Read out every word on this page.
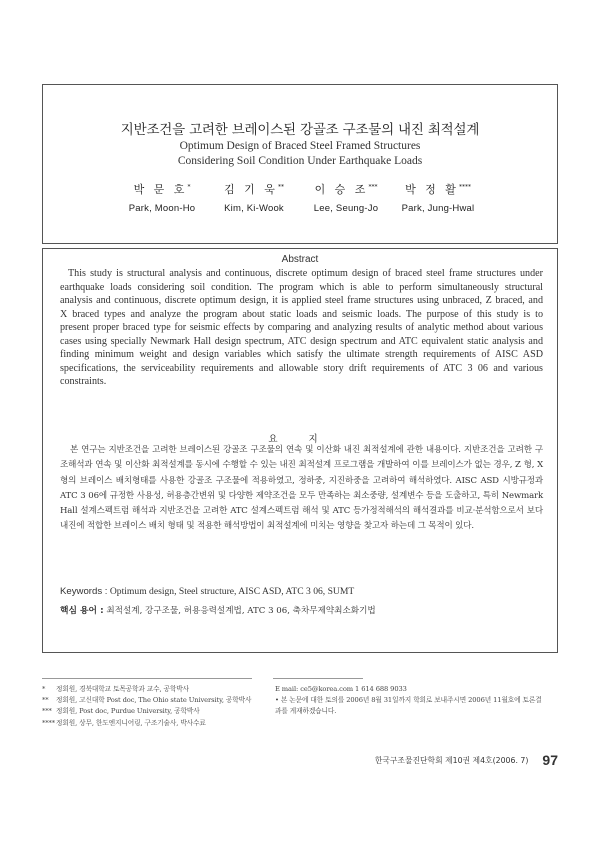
지반조건을 고려한 브레이스된 강골조 구조물의 내진 최적설계
Optimum Design of Braced Steel Framed Structures
Considering Soil Condition Under Earthquake Loads
박 문 호*
Park, Moon-Ho
김 기 욱**
Kim, Ki-Wook
이 승 조***
Lee, Seung-Jo
박 정 활****
Park, Jung-Hwal
Abstract
This study is structural analysis and continuous, discrete optimum design of braced steel frame structures under earthquake loads considering soil condition. The program which is able to perform simultaneously structural analysis and continuous, discrete optimum design, it is applied steel frame structures using unbraced, Z braced, and X braced types and analyze the program about static loads and seismic loads. The purpose of this study is to present proper braced type for seismic effects by comparing and analyzing results of analytic method about various cases using specially Newmark Hall design spectrum, ATC design spectrum and ATC equivalent static analysis and finding minimum weight and design variables which satisfy the ultimate strength requirements of AISC ASD specifications, the serviceability requirements and allowable story drift requirements of ATC 3 06 and various constraints.
요 지
본 연구는 지반조건을 고려한 브레이스된 강골조 구조물의 연속 및 이산화 내진 최적설계에 관한 내용이다. 지반조건을 고려한 구조해석과 연속 및 이산화 최적설계를 동시에 수행할 수 있는 내진 최적설계 프로그램을 개발하여 이를 브레이스가 없는 경우, Z 형, X 형의 브레이스 배치형태를 사용한 강골조 구조물에 적용하였고, 정하중, 지진하중을 고려하여 해석하였다. AISC ASD 시방규정과 ATC 3 06에 규정한 사용성, 허용층간변위 및 다양한 제약조건을 모두 만족하는 최소중량, 설계변수 등을 도출하고, 특히 Newmark Hall 설계스펙트럼 해석과 지반조건을 고려한 ATC 설계스펙트럼 해석 및 ATC 등가정적해석의 해석결과를 비교·분석함으로서 보다 내진에 적합한 브레이스 배치 형태 및 적용한 해석방법이 최적설계에 미치는 영향을 찾고자 하는데 그 목적이 있다.
Keywords : Optimum design, Steel structure, AISC ASD, ATC 3 06, SUMT
핵심 용어 : 최적설계, 강구조물, 허용응력설계법, ATC 3 06, 축차무제약최소화기법
* 정회원, 경북대학교 토목공학과 교수, 공학박사
** 정회원, 고신대학 Post doc, The Ohio state University, 공학박사
*** 정회원, Post doc, Purdue University, 공학박사
****정회원, 상무, 한도엔지니어링, 구조기술사, 박사수료
E mail: ce5@korea.com 1 614 688 9033
• 본 논문에 대한 토의를 2006년 8월 31일까지 학회로 보내주시면 2006년 11월호에 토론결과를 게재하겠습니다.
한국구조물진단학회 제10권 제4호(2006. 7) 97
